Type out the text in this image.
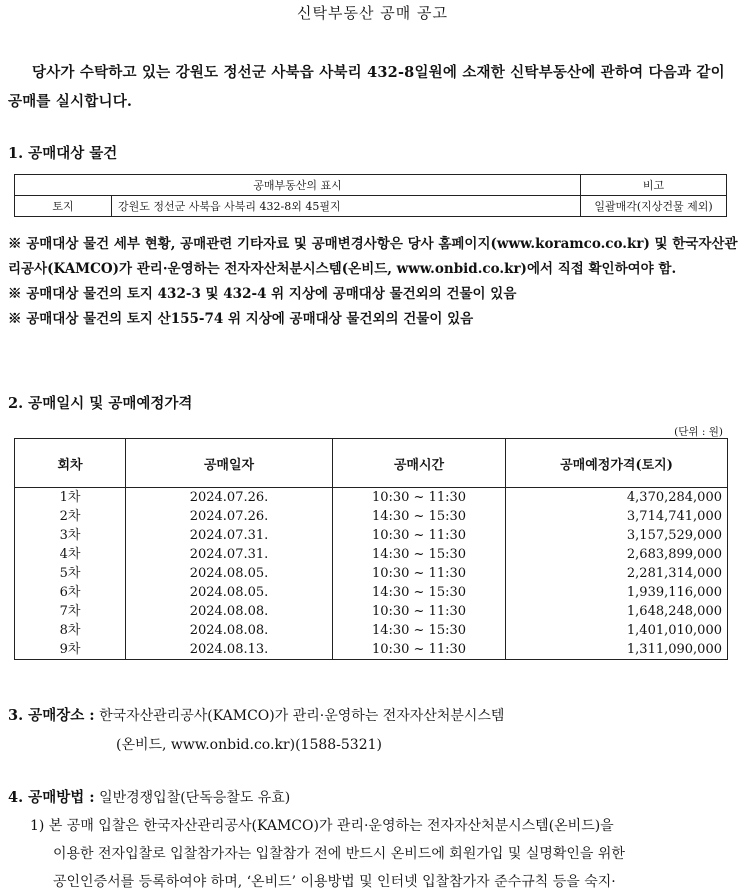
신탁부동산 공매 공고
당사가 수탁하고 있는 강원도 정선군 사북읍 사북리 432-8일원에 소재한 신탁부동산에 관하여 다음과 같이 공매를 실시합니다.
1. 공매대상 물건
공매부동산의 표시		비고
토지	강원도 정선군 사북읍 사북리 432-8외 45필지	일괄매각(지상건물 제외)
※ 공매대상 물건 세부 현황, 공매관련 기타자료 및 공매변경사항은 당사 홈페이지(www.koramco.co.kr) 및 한국자산관리공사(KAMCO)가 관리·운영하는 전자자산처분시스템(온비드, www.onbid.co.kr)에서 직접 확인하여야 함.
※ 공매대상 물건의 토지 432-3 및 432-4 위 지상에 공매대상 물건외의 건물이 있음
※ 공매대상 물건의 토지 산155-74 위 지상에 공매대상 물건외의 건물이 있음
2. 공매일시 및 공매예정가격
(단위 : 원)
회차	공매일자	공매시간	공매예정가격(토지)
1차	2024.07.26.	10:30 ~ 11:30	4,370,284,000
2차	2024.07.26.	14:30 ~ 15:30	3,714,741,000
3차	2024.07.31.	10:30 ~ 11:30	3,157,529,000
4차	2024.07.31.	14:30 ~ 15:30	2,683,899,000
5차	2024.08.05.	10:30 ~ 11:30	2,281,314,000
6차	2024.08.05.	14:30 ~ 15:30	1,939,116,000
7차	2024.08.08.	10:30 ~ 11:30	1,648,248,000
8차	2024.08.08.	14:30 ~ 15:30	1,401,010,000
9차	2024.08.13.	10:30 ~ 11:30	1,311,090,000
3. 공매장소 : 한국자산관리공사(KAMCO)가 관리·운영하는 전자자산처분시스템
(온비드, www.onbid.co.kr)(1588-5321)
4. 공매방법 : 일반경쟁입찰(단독응찰도 유효)
1) 본 공매 입찰은 한국자산관리공사(KAMCO)가 관리·운영하는 전자자산처분시스템(온비드)을
이용한 전자입찰로 입찰참가자는 입찰참가 전에 반드시 온비드에 회원가입 및 실명확인을 위한
공인인증서를 등록하여야 하며, ‘온비드’ 이용방법 및 인터넷 입찰참가자 준수규칙 등을 숙지·
